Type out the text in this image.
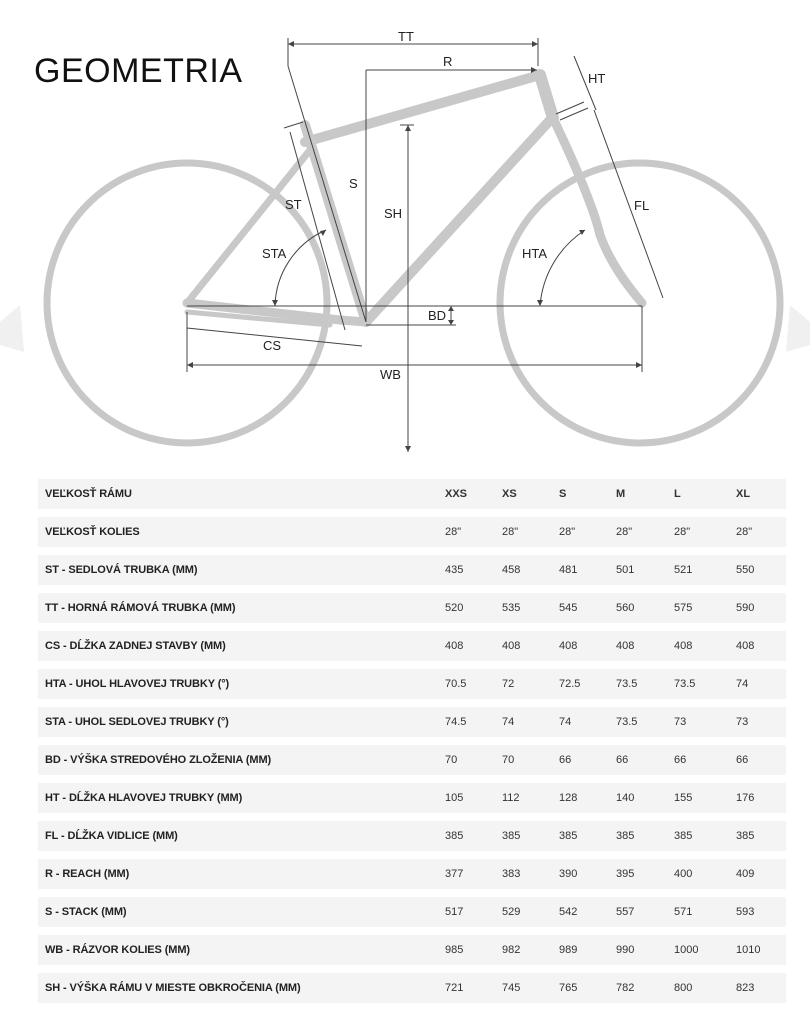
GEOMETRIA
TT
R
HT
S
ST
SH
FL
STA	HTA
BD
CS
WB
VEĽKOSŤ RÁMU	XXS	XS	S	M	L	XL
VEĽKOSŤ KOLIES	28"	28"	28"	28"	28"	28"
ST - SEDLOVÁ TRUBKA (MM)	435	458	481	501	521	550
TT - HORNÁ RÁMOVÁ TRUBKA (MM)	520	535	545	560	575	590
CS - DĹŽKA ZADNEJ STAVBY (MM)	408	408	408	408	408	408
HTA - UHOL HLAVOVEJ TRUBKY (°)	70.5	72	72.5	73.5	73.5	74
STA - UHOL SEDLOVEJ TRUBKY (°)	74.5	74	74	73.5	73	73
BD - VÝŠKA STREDOVÉHO ZLOŽENIA (MM)	70	70	66	66	66	66
HT - DĹŽKA HLAVOVEJ TRUBKY (MM)	105	112	128	140	155	176
FL - DĹŽKA VIDLICE (MM)	385	385	385	385	385	385
R - REACH (MM)	377	383	390	395	400	409
S - STACK (MM)	517	529	542	557	571	593
WB - RÁZVOR KOLIES (MM)	985	982	989	990	1000	1010
SH - VÝŠKA RÁMU V MIESTE OBKROČENIA (MM)	721	745	765	782	800	823
